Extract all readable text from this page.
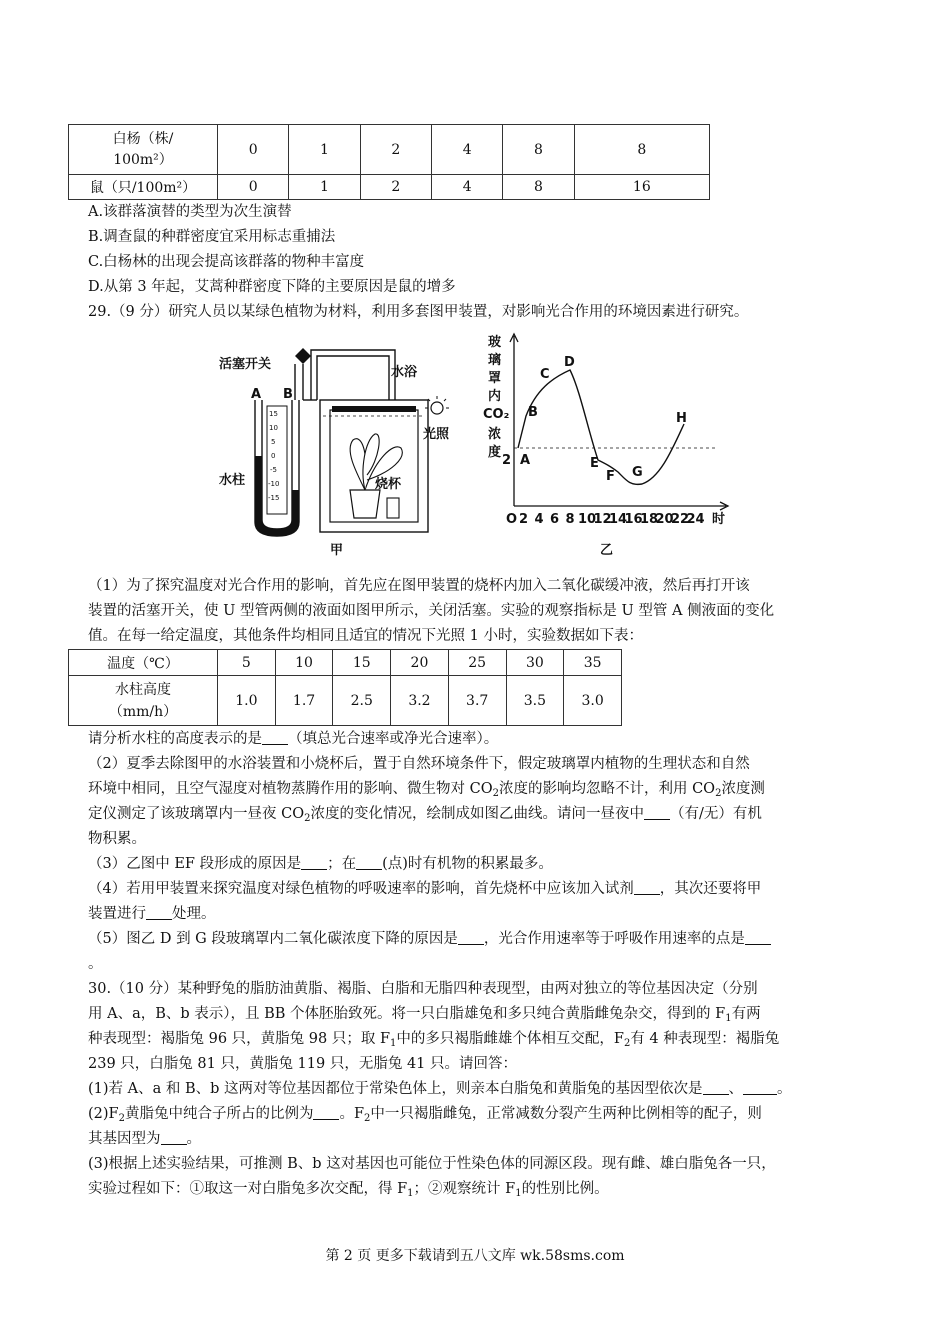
白杨（株/
100m²）	0	1	2	4	8	8
鼠（只/100m²）	0	1	2	4	8	16
A.该群落演替的类型为次生演替
B.调查鼠的种群密度宜采用标志重捕法
C.白杨林的出现会提高该群落的物种丰富度
D.从第 3 年起，艾蒿种群密度下降的主要原因是鼠的增多
29.（9 分）研究人员以某绿色植物为材料，利用多套图甲装置，对影响光合作用的环境因素进行研究。
15
10
5
0
-5
-10
-15
活塞开关
水浴
光照
水柱	烧杯
A B
甲
玻
璃
罩
内
CO₂
浓
度
A
B
C
D
E
F G
H
2
O 2 4 6 8 10
12
14
16
18
20
22
24 时
乙
（1）为了探究温度对光合作用的影响，首先应在图甲装置的烧杯内加入二氧化碳缓冲液，然后再打开该
装置的活塞开关，使 U 型管两侧的液面如图甲所示，关闭活塞。实验的观察指标是 U 型管 A 侧液面的变化
值。在每一给定温度，其他条件均相同且适宜的情况下光照 1 小时，实验数据如下表：
温度（℃）	5	10	15	20	25	30	35
水柱高度
（mm/h）	1.0	1.7	2.5	3.2	3.7	3.5	3.0
请分析水柱的高度表示的是 （填总光合速率或净光合速率）。
（2）夏季去除图甲的水浴装置和小烧杯后，置于自然环境条件下，假定玻璃罩内植物的生理状态和自然
环境中相同，且空气湿度对植物蒸腾作用的影响、微生物对 $CO_2$浓度的影响均忽略不计，利用 $CO_2$浓度测
定仪测定了该玻璃罩内一昼夜 $CO_2$浓度的变化情况，绘制成如图乙曲线。请问一昼夜中 （有/无）有机
物积累。
（3）乙图中 EF 段形成的原因是 ；在 (点)时有机物的积累最多。
（4）若用甲装置来探究温度对绿色植物的呼吸速率的影响，首先烧杯中应该加入试剂 ，其次还要将甲
装置进行 处理。
（5）图乙 D 到 G 段玻璃罩内二氧化碳浓度下降的原因是 ，光合作用速率等于呼吸作用速率的点是
。
30.（10 分）某种野兔的脂肪油黄脂、褐脂、白脂和无脂四种表现型，由两对独立的等位基因决定（分别
用 A、a，B、b 表示），且 BB 个体胚胎致死。将一只白脂雄兔和多只纯合黄脂雌兔杂交，得到的 $F_1$有两
种表现型：褐脂兔 96 只，黄脂兔 98 只；取 $F_1$中的多只褐脂雌雄个体相互交配，$F_2$有 4 种表现型：褐脂兔
239 只，白脂兔 81 只，黄脂兔 119 只，无脂兔 41 只。请回答：
(1)若 A、a 和 B、b 这两对等位基因都位于常染色体上，则亲本白脂兔和黄脂兔的基因型依次是 、 。
$(2)F_2$黄脂兔中纯合子所占的比例为 。$F_2$中一只褐脂雌兔，正常减数分裂产生两种比例相等的配子，则
其基因型为 。
(3)根据上述实验结果，可推测 B、b 这对基因也可能位于性染色体的同源区段。现有雌、雄白脂兔各一只，
实验过程如下：①取这一对白脂兔多次交配，得 $F_1$；②观察统计 $F_1$的性别比例。
第 2 页 更多下载请到五八文库 wk.58sms.com
